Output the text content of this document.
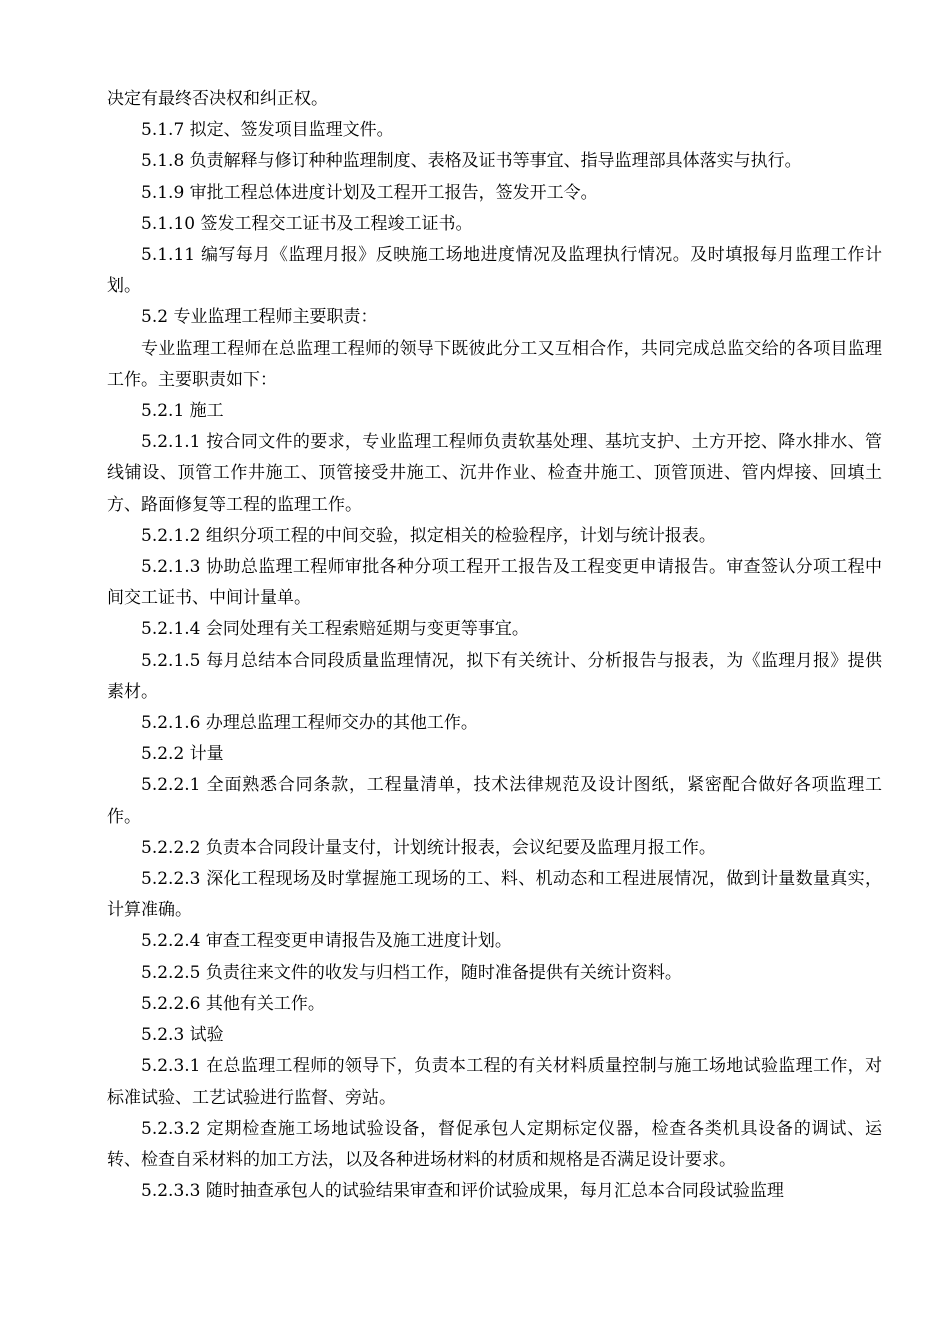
决定有最终否决权和纠正权。

5.1.7 拟定、签发项目监理文件。

5.1.8 负责解释与修订种种监理制度、表格及证书等事宜、指导监理部具体落实与执行。

5.1.9 审批工程总体进度计划及工程开工报告，签发开工令。

5.1.10 签发工程交工证书及工程竣工证书。

5.1.11 编写每月《监理月报》反映施工场地进度情况及监理执行情况。及时填报每月监理工作计划。

5.2 专业监理工程师主要职责：

专业监理工程师在总监理工程师的领导下既彼此分工又互相合作，共同完成总监交给的各项目监理工作。主要职责如下：

5.2.1 施工

5.2.1.1 按合同文件的要求，专业监理工程师负责软基处理、基坑支护、土方开挖、降水排水、管线铺设、顶管工作井施工、顶管接受井施工、沉井作业、检查井施工、顶管顶进、管内焊接、回填土方、路面修复等工程的监理工作。

5.2.1.2 组织分项工程的中间交验，拟定相关的检验程序，计划与统计报表。

5.2.1.3 协助总监理工程师审批各种分项工程开工报告及工程变更申请报告。审查签认分项工程中间交工证书、中间计量单。

5.2.1.4 会同处理有关工程索赔延期与变更等事宜。

5.2.1.5 每月总结本合同段质量监理情况，拟下有关统计、分析报告与报表，为《监理月报》提供素材。

5.2.1.6 办理总监理工程师交办的其他工作。

5.2.2 计量

5.2.2.1 全面熟悉合同条款，工程量清单，技术法律规范及设计图纸，紧密配合做好各项监理工作。

5.2.2.2 负责本合同段计量支付，计划统计报表，会议纪要及监理月报工作。

5.2.2.3 深化工程现场及时掌握施工现场的工、料、机动态和工程进展情况，做到计量数量真实，计算准确。

5.2.2.4 审查工程变更申请报告及施工进度计划。

5.2.2.5 负责往来文件的收发与归档工作，随时准备提供有关统计资料。

5.2.2.6 其他有关工作。

5.2.3 试验

5.2.3.1 在总监理工程师的领导下，负责本工程的有关材料质量控制与施工场地试验监理工作，对标准试验、工艺试验进行监督、旁站。

5.2.3.2 定期检查施工场地试验设备，督促承包人定期标定仪器，检查各类机具设备的调试、运转、检查自采材料的加工方法，以及各种进场材料的材质和规格是否满足设计要求。

5.2.3.3 随时抽查承包人的试验结果审查和评价试验成果，每月汇总本合同段试验监理
